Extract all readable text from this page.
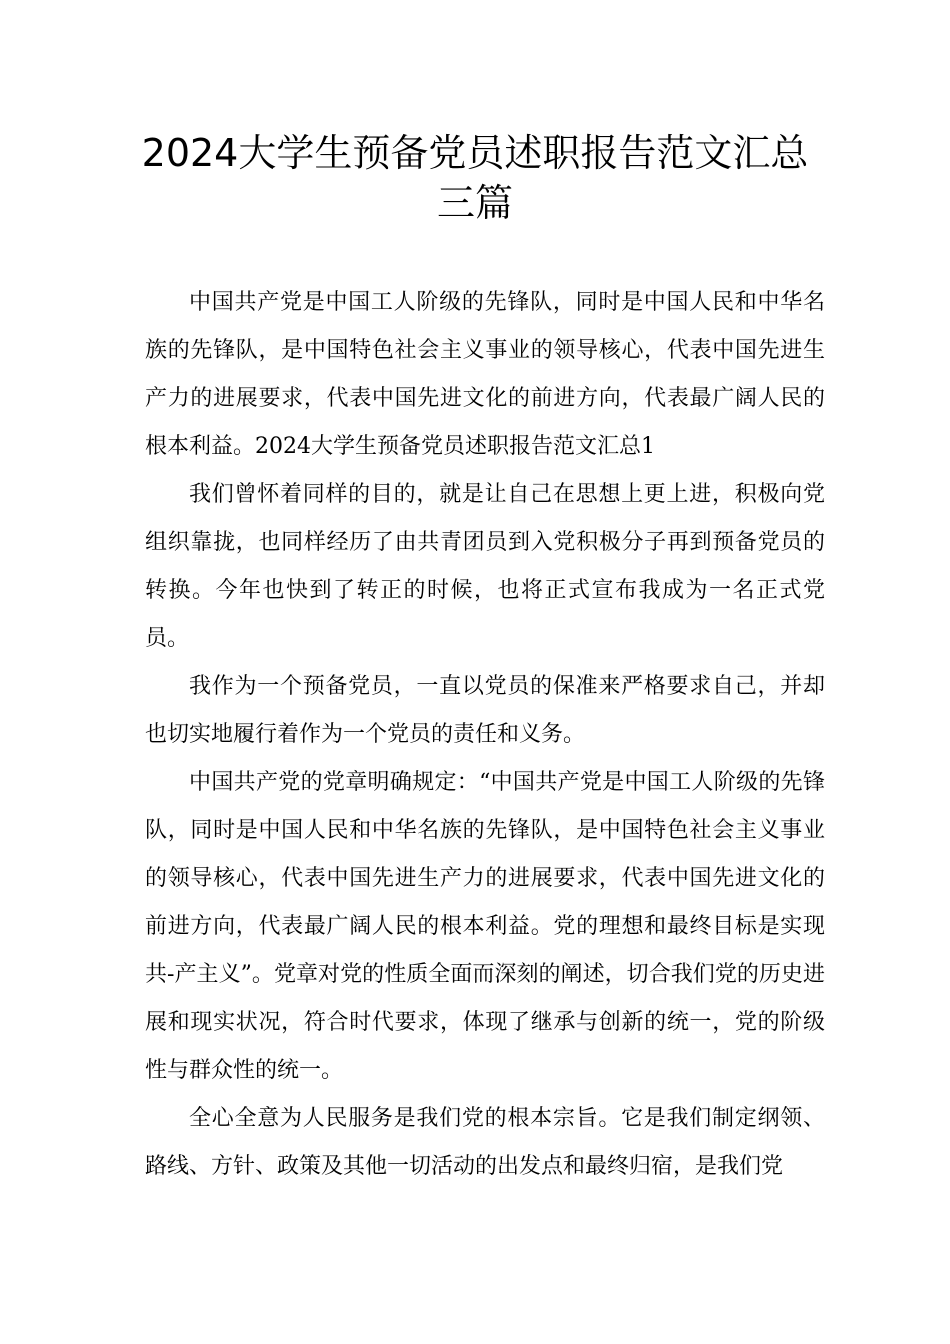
2024大学生预备党员述职报告范文汇总
三篇

中国共产党是中国工人阶级的先锋队，同时是中国人民和中华名族的先锋队，是中国特色社会主义事业的领导核心，代表中国先进生产力的进展要求，代表中国先进文化的前进方向，代表最广阔人民的根本利益。2024大学生预备党员述职报告范文汇总1

我们曾怀着同样的目的，就是让自己在思想上更上进，积极向党组织靠拢，也同样经历了由共青团员到入党积极分子再到预备党员的转换。今年也快到了转正的时候，也将正式宣布我成为一名正式党员。

我作为一个预备党员，一直以党员的保准来严格要求自己，并却也切实地履行着作为一个党员的责任和义务。

中国共产党的党章明确规定：“中国共产党是中国工人阶级的先锋队，同时是中国人民和中华名族的先锋队，是中国特色社会主义事业的领导核心，代表中国先进生产力的进展要求，代表中国先进文化的前进方向，代表最广阔人民的根本利益。党的理想和最终目标是实现共-产主义”。党章对党的性质全面而深刻的阐述，切合我们党的历史进展和现实状况，符合时代要求，体现了继承与创新的统一，党的阶级性与群众性的统一。

全心全意为人民服务是我们党的根本宗旨。它是我们制定纲领、路线、方针、政策及其他一切活动的出发点和最终归宿，是我们党
